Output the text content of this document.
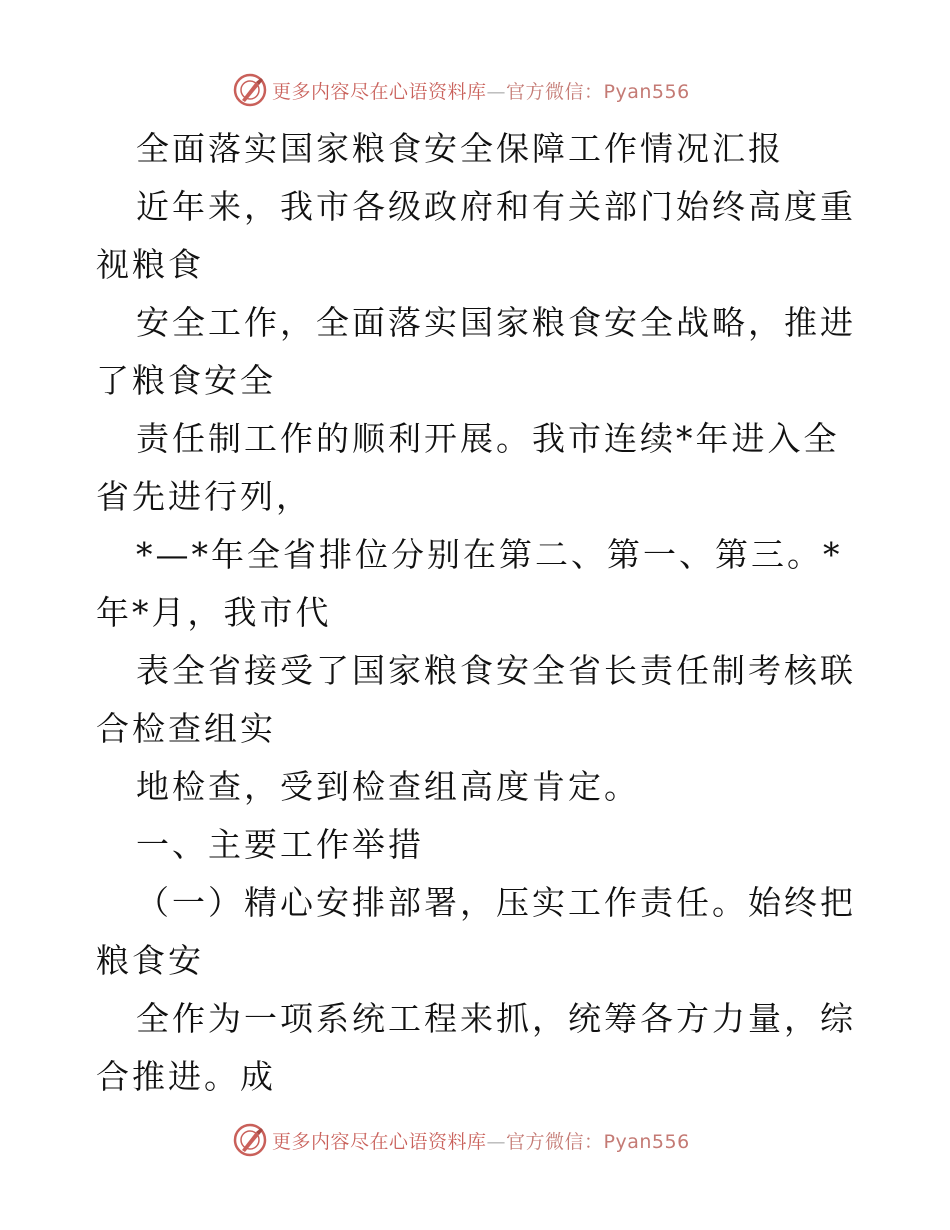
更多内容尽在心语资料库—官方微信：Pyan556

全面落实国家粮食安全保障工作情况汇报

近年来，我市各级政府和有关部门始终高度重视粮食

安全工作，全面落实国家粮食安全战略，推进了粮食安全

责任制工作的顺利开展。我市连续*年进入全省先进行列，

*—*年全省排位分别在第二、第一、第三。*年*月，我市代

表全省接受了国家粮食安全省长责任制考核联合检查组实

地检查，受到检查组高度肯定。

一、主要工作举措

（一）精心安排部署，压实工作责任。始终把粮食安

全作为一项系统工程来抓，统筹各方力量，综合推进。成

更多内容尽在心语资料库—官方微信：Pyan556
